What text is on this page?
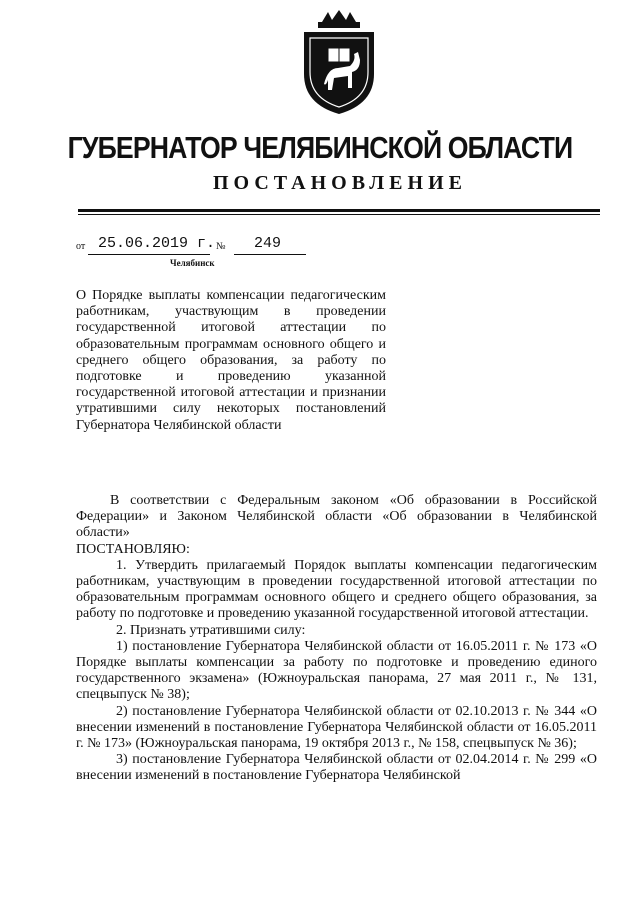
ГУБЕРНАТОР ЧЕЛЯБИНСКОЙ ОБЛАСТИ
ПОСТАНОВЛЕНИЕ
от 25.06.2019 г. № 249
Челябинск
О Порядке выплаты компенсации педагогическим работникам, участвующим в проведении государственной итоговой аттестации по образовательным программам основного общего и среднего общего образования, за работу по подготовке и проведению указанной государственной итоговой аттестации и признании утратившими силу некоторых постановлений Губернатора Челябинской области

В соответствии с Федеральным законом «Об образовании в Российской Федерации» и Законом Челябинской области «Об образовании в Челябинской области»

ПОСТАНОВЛЯЮ:

1. Утвердить прилагаемый Порядок выплаты компенсации педагогическим работникам, участвующим в проведении государственной итоговой аттестации по образовательным программам основного общего и среднего общего образования, за работу по подготовке и проведению указанной государственной итоговой аттестации.

2. Признать утратившими силу:

1) постановление Губернатора Челябинской области от 16.05.2011 г. № 173 «О Порядке выплаты компенсации за работу по подготовке и проведению единого государственного экзамена» (Южноуральская панорама, 27 мая 2011 г., № 131, спецвыпуск № 38);

2) постановление Губернатора Челябинской области от 02.10.2013 г. № 344 «О внесении изменений в постановление Губернатора Челябинской области от 16.05.2011 г. № 173» (Южноуральская панорама, 19 октября 2013 г., № 158, спецвыпуск № 36);

3) постановление Губернатора Челябинской области от 02.04.2014 г. № 299 «О внесении изменений в постановление Губернатора Челябинской
